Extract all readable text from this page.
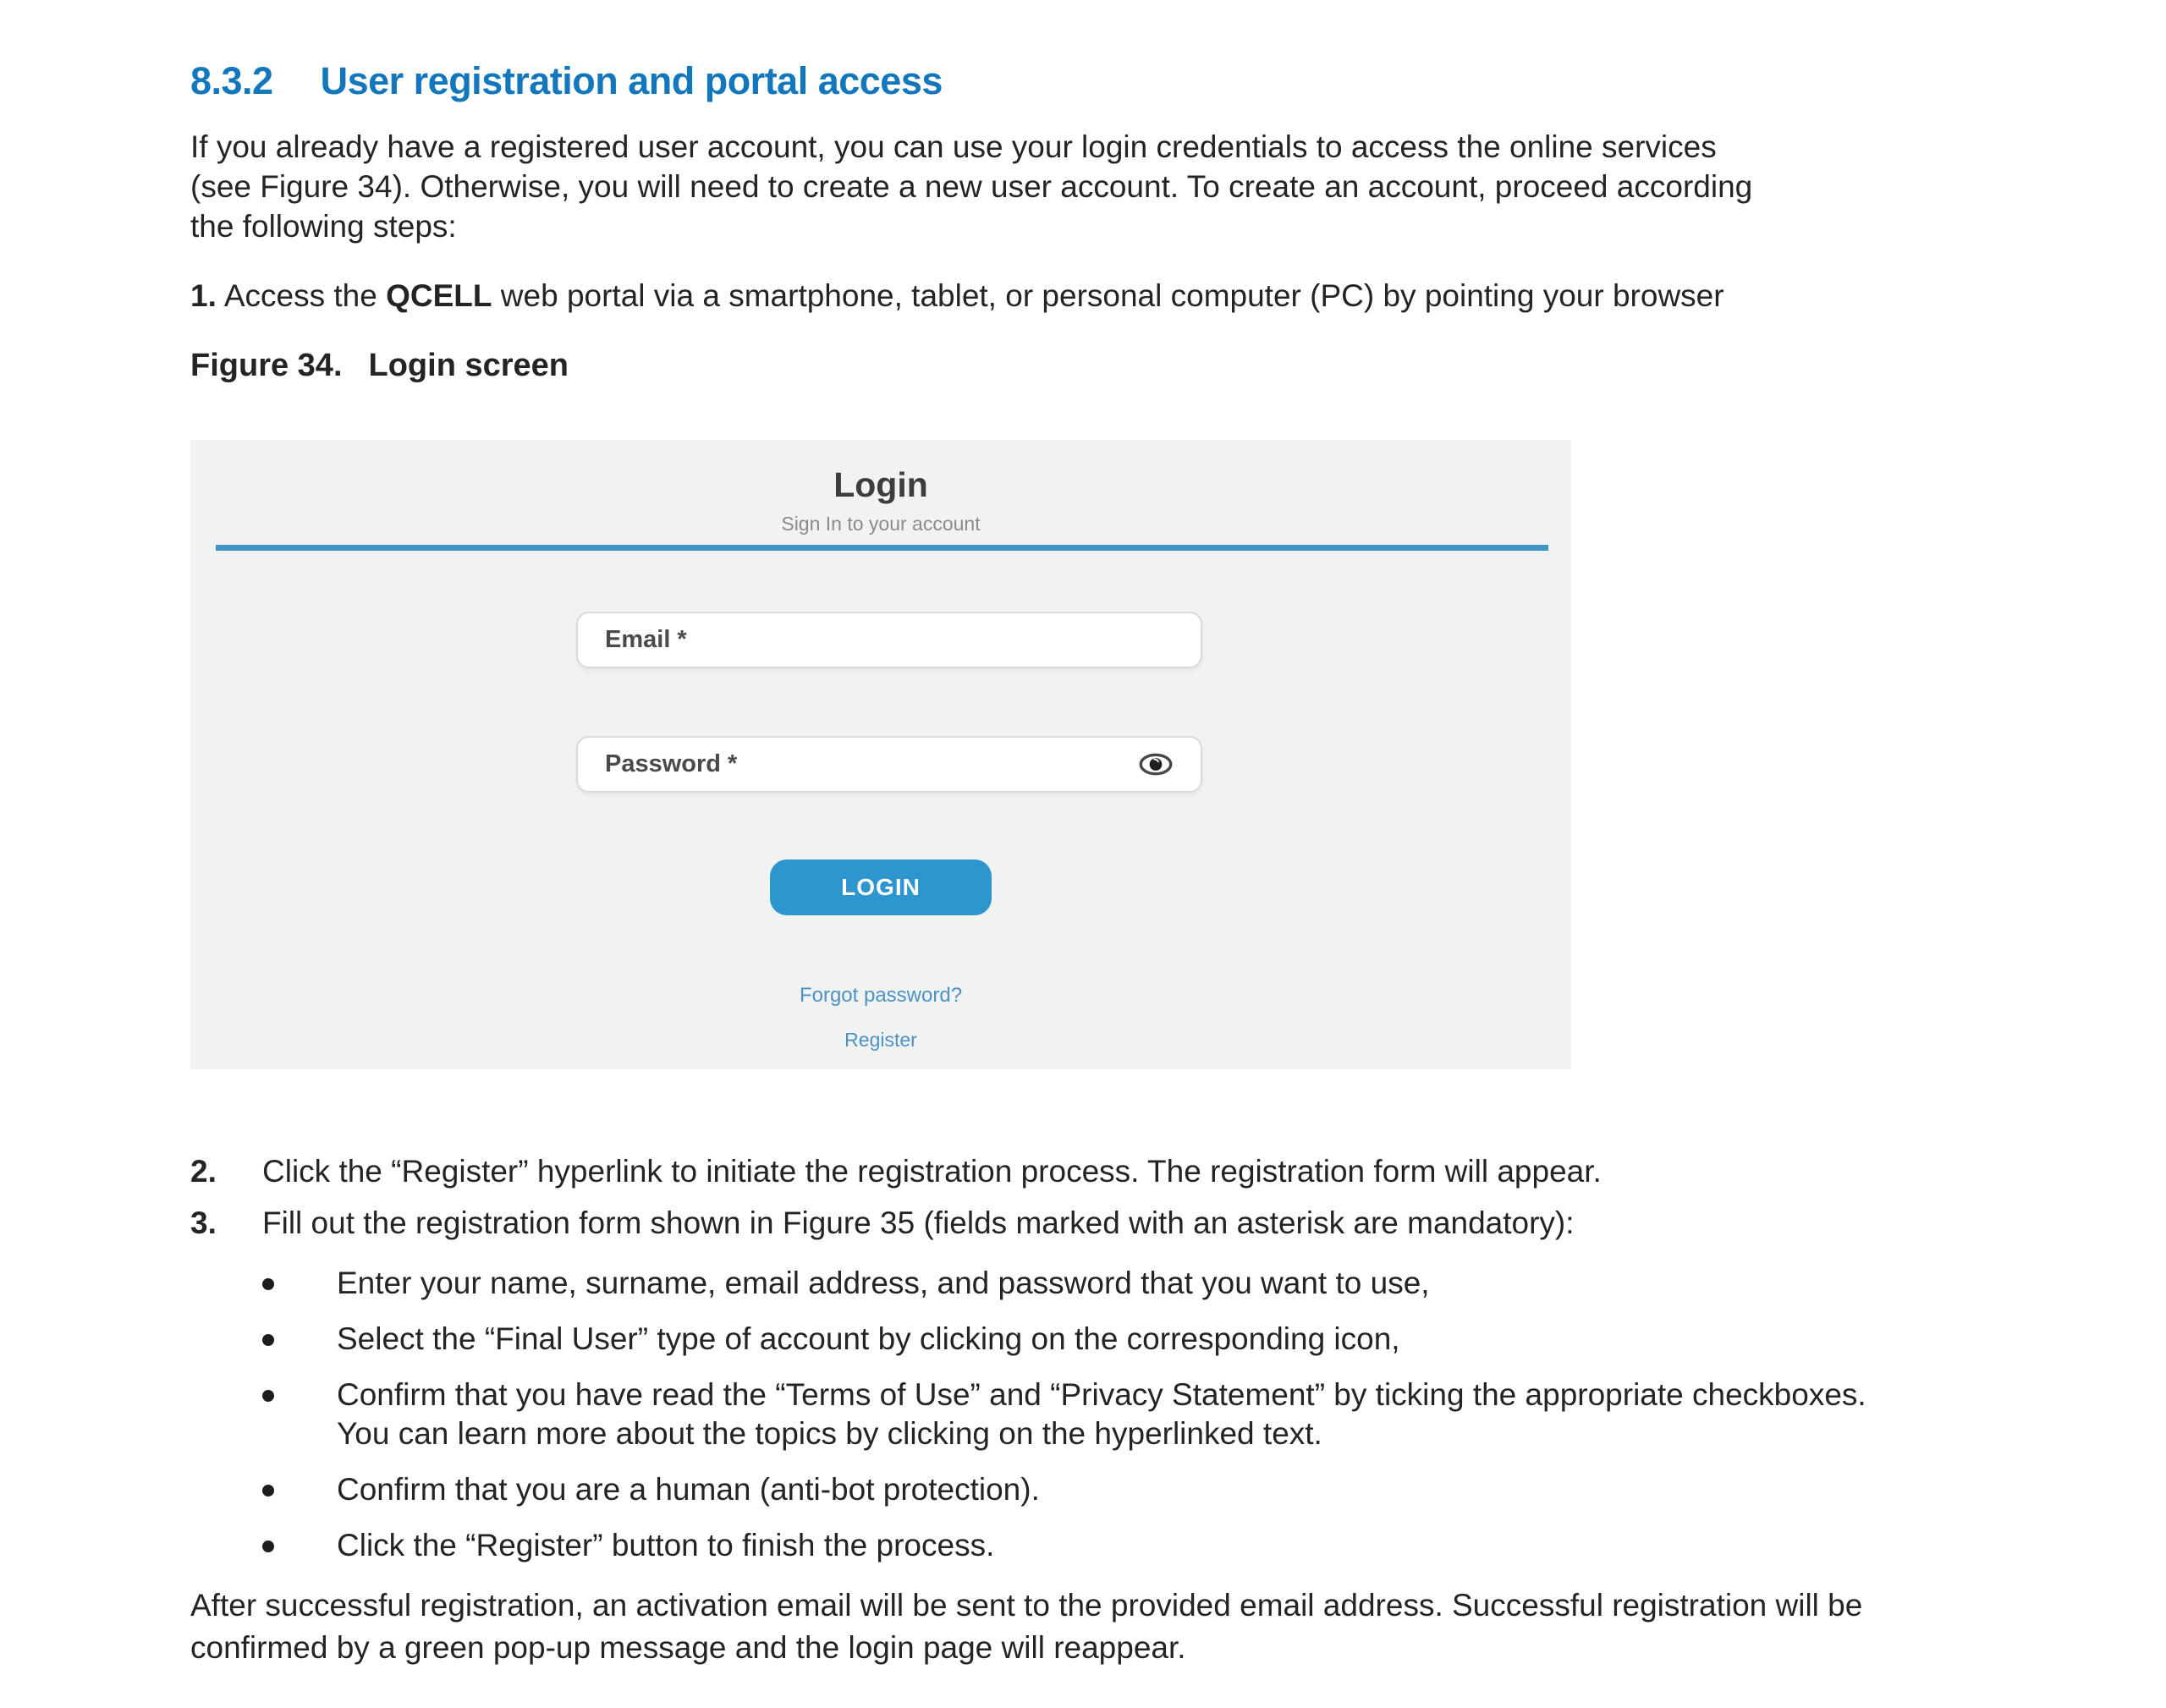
8.3.2 User registration and portal access
If you already have a registered user account, you can use your login credentials to access the online services
(see Figure 34). Otherwise, you will need to create a new user account. To create an account, proceed according
the following steps:
1. Access the QCELL web portal via a smartphone, tablet, or personal computer (PC) by pointing your browser
Figure 34. Login screen
Login
Sign In to your account
Email *
Password *
LOGIN
Forgot password?
Register
2.	Click the “Register” hyperlink to initiate the registration process. The registration form will appear.
3.	Fill out the registration form shown in Figure 35 (fields marked with an asterisk are mandatory):
Enter your name, surname, email address, and password that you want to use,
Select the “Final User” type of account by clicking on the corresponding icon,
Confirm that you have read the “Terms of Use” and “Privacy Statement” by ticking the appropriate checkboxes.
You can learn more about the topics by clicking on the hyperlinked text.
Confirm that you are a human (anti-bot protection).
Click the “Register” button to finish the process.
After successful registration, an activation email will be sent to the provided email address. Successful registration will be
confirmed by a green pop-up message and the login page will reappear.
